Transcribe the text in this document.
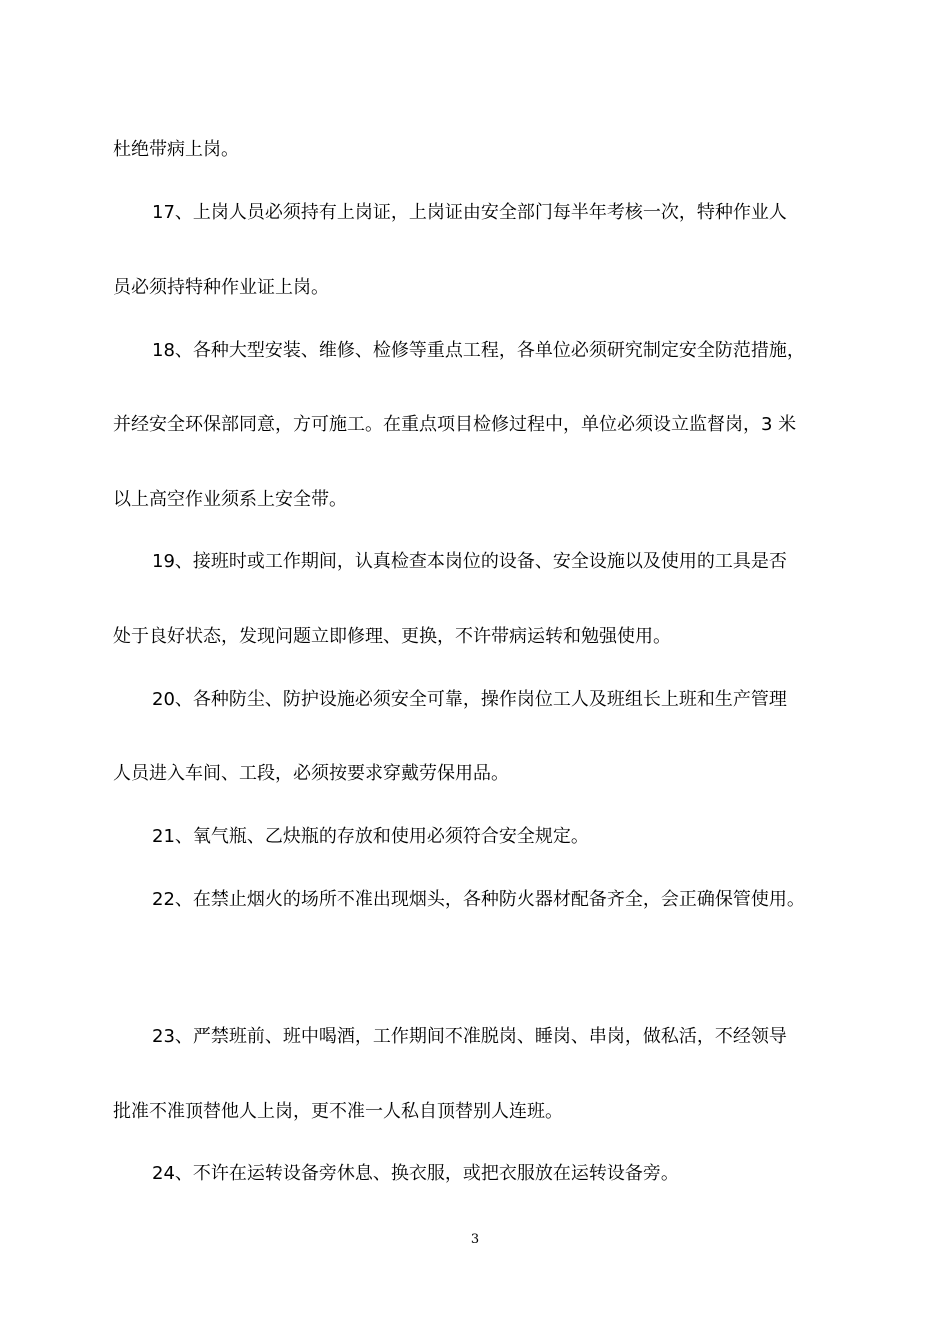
杜绝带病上岗。

17、上岗人员必须持有上岗证，上岗证由安全部门每半年考核一次，特种作业人

员必须持特种作业证上岗。

18、各种大型安装、维修、检修等重点工程，各单位必须研究制定安全防范措施，

并经安全环保部同意，方可施工。在重点项目检修过程中，单位必须设立监督岗，3 米

以上高空作业须系上安全带。

19、接班时或工作期间，认真检查本岗位的设备、安全设施以及使用的工具是否

处于良好状态，发现问题立即修理、更换，不许带病运转和勉强使用。

20、各种防尘、防护设施必须安全可靠，操作岗位工人及班组长上班和生产管理

人员进入车间、工段，必须按要求穿戴劳保用品。

21、氧气瓶、乙炔瓶的存放和使用必须符合安全规定。

22、在禁止烟火的场所不准出现烟头，各种防火器材配备齐全，会正确保管使用。

23、严禁班前、班中喝酒，工作期间不准脱岗、睡岗、串岗，做私活，不经领导

批准不准顶替他人上岗，更不准一人私自顶替别人连班。

24、不许在运转设备旁休息、换衣服，或把衣服放在运转设备旁。

3
